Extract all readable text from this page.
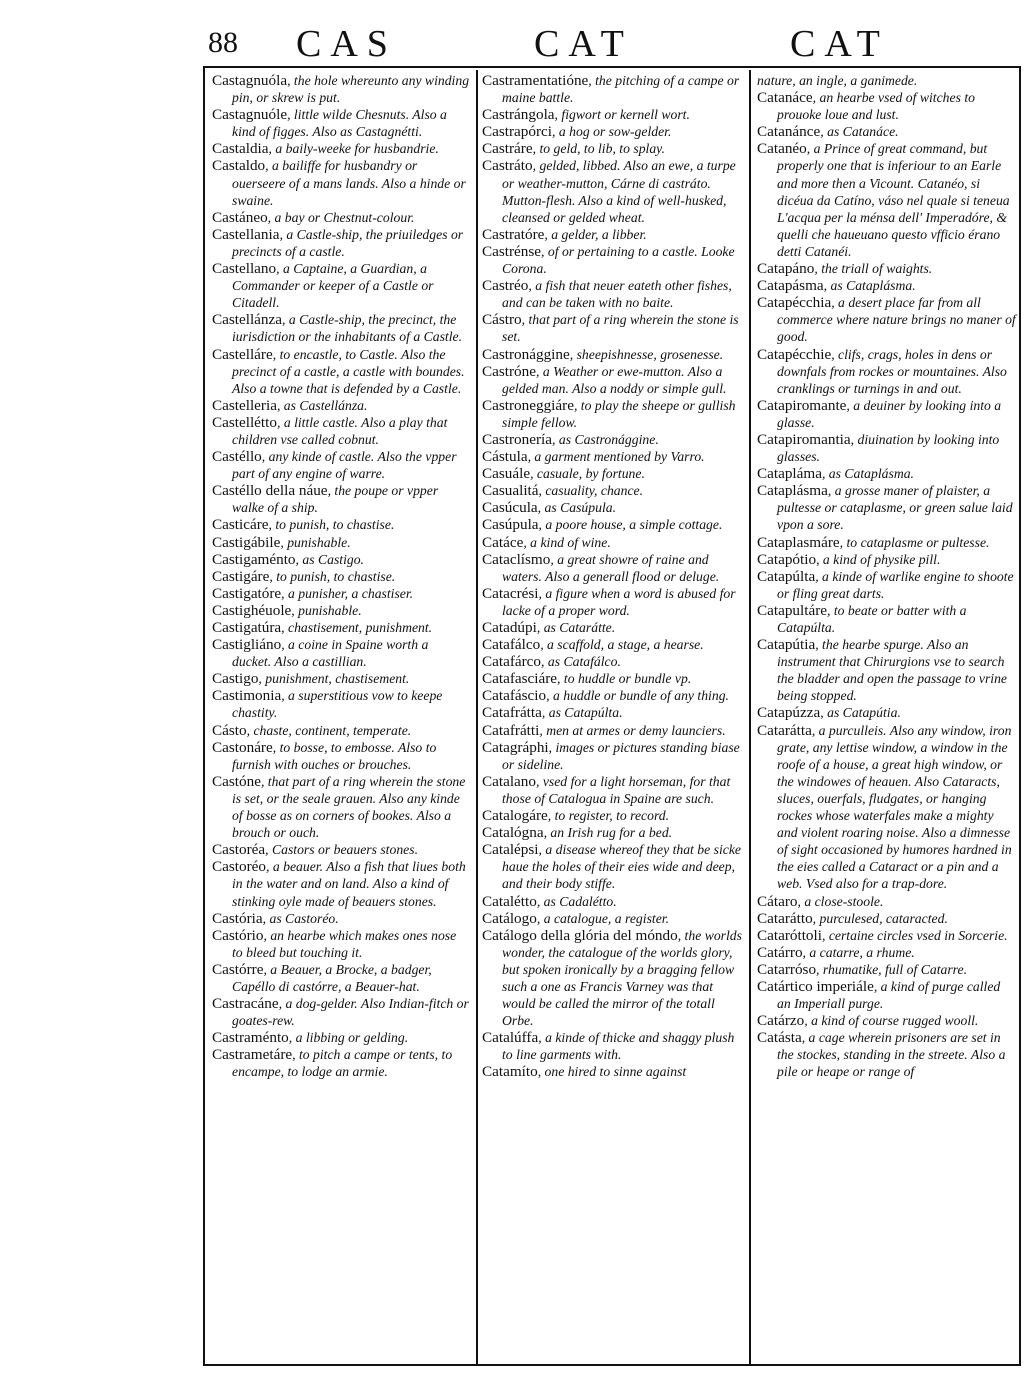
88 CAS	CAT	CAT

Castagnuóla, the hole whereunto any winding pin, or skrew is put.

Castagnuóle, little wilde Chesnuts. Also a kind of figges. Also as Castagnétti.

Castaldia, a baily-weeke for husbandrie.

Castaldo, a bailiffe for husbandry or ouerseere of a mans lands. Also a hinde or swaine.

Castáneo, a bay or Chestnut-colour.

Castellania, a Castle-ship, the priuiledges or precincts of a castle.

Castellano, a Captaine, a Guardian, a Commander or keeper of a Castle or Citadell.

Castellánza, a Castle-ship, the precinct, the iurisdiction or the inhabitants of a Castle.

Castelláre, to encastle, to Castle. Also the precinct of a castle, a castle with boundes. Also a towne that is defended by a Castle.

Castelleria, as Castellánza.

Castellétto, a little castle. Also a play that children vse called cobnut.

Castéllo, any kinde of castle. Also the vpper part of any engine of warre.

Castéllo della náue, the poupe or vpper walke of a ship.

Casticáre, to punish, to chastise.

Castigábile, punishable.

Castigaménto, as Castigo.

Castigáre, to punish, to chastise.

Castigatóre, a punisher, a chastiser.

Castighéuole, punishable.

Castigatúra, chastisement, punishment.

Castigliáno, a coine in Spaine worth a ducket. Also a castillian.

Castigo, punishment, chastisement.

Castimonia, a superstitious vow to keepe chastity.

Cásto, chaste, continent, temperate.

Castonáre, to bosse, to embosse. Also to furnish with ouches or brouches.

Castóne, that part of a ring wherein the stone is set, or the seale grauen. Also any kinde of bosse as on corners of bookes. Also a brouch or ouch.

Castoréa, Castors or beauers stones.

Castoréo, a beauer. Also a fish that liues both in the water and on land. Also a kind of stinking oyle made of beauers stones.

Castória, as Castoréo.

Castório, an hearbe which makes ones nose to bleed but touching it.

Castórre, a Beauer, a Brocke, a badger, Capéllo di castórre, a Beauer-hat.

Castracáne, a dog-gelder. Also Indian-fitch or goates-rew.

Castraménto, a libbing or gelding.

Castrametáre, to pitch a campe or tents, to encampe, to lodge an armie.

Castramentatióne, the pitching of a campe or maine battle.

Castrángola, figwort or kernell wort.

Castrapórci, a hog or sow-gelder.

Castráre, to geld, to lib, to splay.

Castráto, gelded, libbed. Also an ewe, a turpe or weather-mutton, Cárne di castráto. Mutton-flesh. Also a kind of well-husked, cleansed or gelded wheat.

Castratóre, a gelder, a libber.

Castrénse, of or pertaining to a castle. Looke Corona.

Castréo, a fish that neuer eateth other fishes, and can be taken with no baite.

Cástro, that part of a ring wherein the stone is set.

Castronággine, sheepishnesse, grosenesse.

Castróne, a Weather or ewe-mutton. Also a gelded man. Also a noddy or simple gull.

Castroneggiáre, to play the sheepe or gullish simple fellow.

Castronería, as Castronággine.

Cástula, a garment mentioned by Varro.

Casuále, casuale, by fortune.

Casualitá, casuality, chance.

Casúcula, as Casúpula.

Casúpula, a poore house, a simple cottage.

Catáce, a kind of wine.

Cataclísmo, a great showre of raine and waters. Also a generall flood or deluge.

Catacrési, a figure when a word is abused for lacke of a proper word.

Catadúpi, as Cataráttе.

Catafálco, a scaffold, a stage, a hearse.

Catafárco, as Catafálco.

Catafasciáre, to huddle or bundle vp.

Catafáscio, a huddle or bundle of any thing.

Catafrátta, as Catapúlta.

Catafrátti, men at armes or demy launciers.

Catagráphi, images or pictures standing biase or sideline.

Catalano, vsed for a light horseman, for that those of Catalogua in Spaine are such.

Catalogáre, to register, to record.

Catalógna, an Irish rug for a bed.

Catalépsi, a disease whereof they that be sicke haue the holes of their eies wide and deep, and their body stiffe.

Catalétto, as Cadalétto.

Catálogo, a catalogue, a register.

Catálogo della glória del móndo, the worlds wonder, the catalogue of the worlds glory, but spoken ironically by a bragging fellow such a one as Francis Varney was that would be called the mirror of the totall Orbe.

Catalúffa, a kinde of thicke and shaggy plush to line garments with.

Catamíto, one hired to sinne against

nature, an ingle, a ganimede.

Catanáce, an hearbe vsed of witches to prouoke loue and lust.

Catanánce, as Catanáce.

Catanéo, a Prince of great command, but properly one that is inferiour to an Earle and more then a Vicount. Catanéo, si dicéua da Catíno, váso nel quale si teneua L'acqua per la ménsa dell' Imperadóre, & quelli che haueuano questo vfficio érano detti Catanéi.

Catapáno, the triall of waights.

Catapásma, as Cataplásma.

Catapécchia, a desert place far from all commerce where nature brings no maner of good.

Catapécchie, clifs, crags, holes in dens or downfals from rockes or mountaines. Also cranklings or turnings in and out.

Catapiromante, a deuiner by looking into a glasse.

Catapiromantia, diuination by looking into glasses.

Catapláma, as Cataplásma.

Cataplásma, a grosse maner of plaister, a pultesse or cataplasme, or green salue laid vpon a sore.

Cataplasmáre, to cataplasme or pultesse.

Catapótio, a kind of physike pill.

Catapúlta, a kinde of warlike engine to shoote or fling great darts.

Catapultáre, to beate or batter with a Catapúlta.

Catapútia, the hearbe spurge. Also an instrument that Chirurgions vse to search the bladder and open the passage to vrine being stopped.

Catapúzza, as Catapútia.

Cataráttа, a purcullеis. Also any window, iron grate, any lettise window, a window in the roofe of a house, a great high window, or the windowes of heauen. Also Cataracts, sluces, ouerfals, fludgates, or hanging rockes whose waterfales make a mighty and violent roaring noise. Also a dimnesse of sight occasioned by humores hardned in the eies called a Cataract or a pin and a web. Vsed also for a trap-dore.

Cátaro, a close-stoole.

Cataráttо, purculesed, cataracted.

Cataróttoli, certaine circles vsed in Sorcerie.

Catárro, a catarre, a rhume.

Catarróso, rhumatike, full of Catarre.

Catártico imperiále, a kind of purge called an Imperiall purge.

Catárzo, a kind of course rugged wooll.

Catásta, a cage wherein prisoners are set in the stockes, standing in the streete. Also a pile or heape or range of
